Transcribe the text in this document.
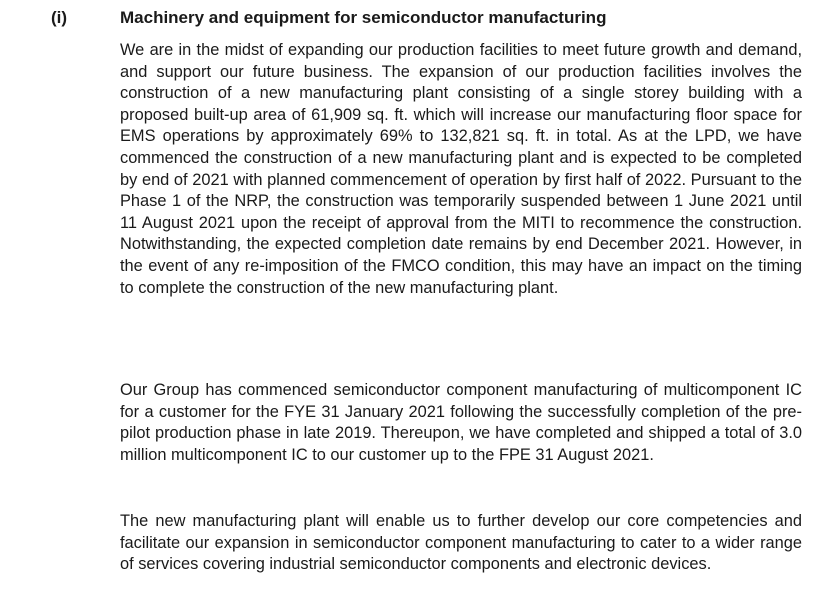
(i)	Machinery and equipment for semiconductor manufacturing

We are in the midst of expanding our production facilities to meet future growth and demand, and support our future business. The expansion of our production facilities involves the construction of a new manufacturing plant consisting of a single storey building with a proposed built-up area of 61,909 sq. ft. which will increase our manufacturing floor space for EMS operations by approximately 69% to 132,821 sq. ft. in total. As at the LPD, we have commenced the construction of a new manufacturing plant and is expected to be completed by end of 2021 with planned commencement of operation by first half of 2022. Pursuant to the Phase 1 of the NRP, the construction was temporarily suspended between 1 June 2021 until 11 August 2021 upon the receipt of approval from the MITI to recommence the construction. Notwithstanding, the expected completion date remains by end December 2021. However, in the event of any re-imposition of the FMCO condition, this may have an impact on the timing to complete the construction of the new manufacturing plant.

Our Group has commenced semiconductor component manufacturing of multicomponent IC for a customer for the FYE 31 January 2021 following the successfully completion of the pre-pilot production phase in late 2019. Thereupon, we have completed and shipped a total of 3.0 million multicomponent IC to our customer up to the FPE 31 August 2021.

The new manufacturing plant will enable us to further develop our core competencies and facilitate our expansion in semiconductor component manufacturing to cater to a wider range of services covering industrial semiconductor components and electronic devices.
